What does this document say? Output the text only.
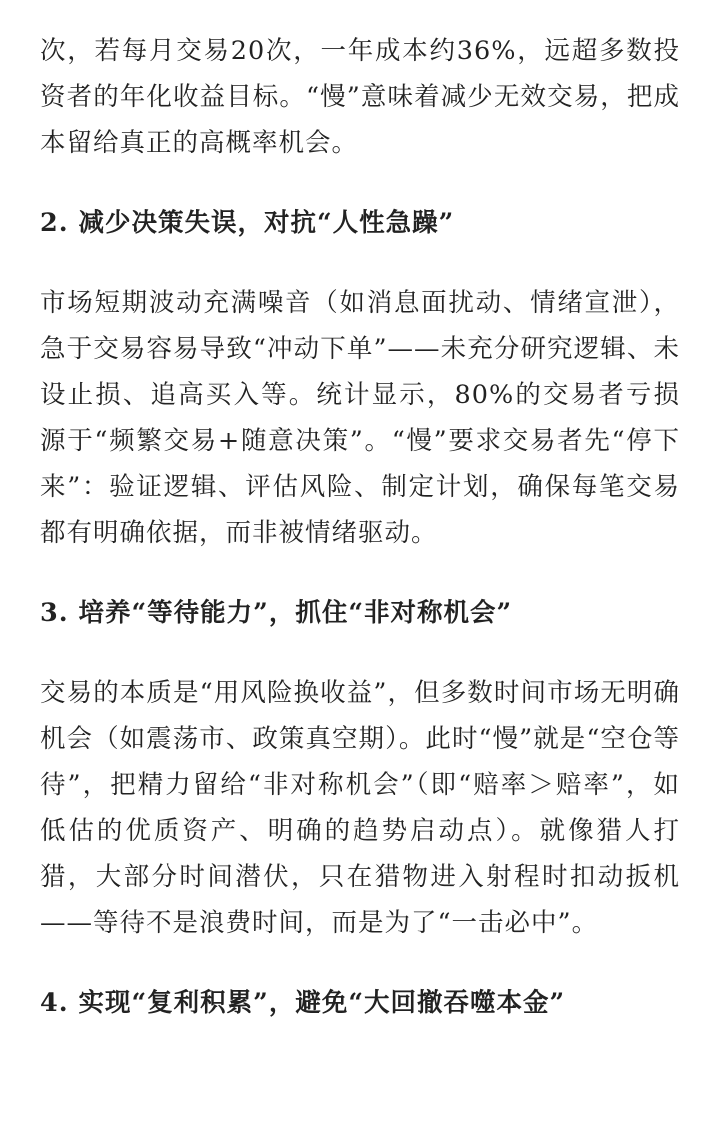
次，若每月交易20次，一年成本约36%，远超多数投资者的年化收益目标。“慢”意味着减少无效交易，把成本留给真正的高概率机会。

2. 减少决策失误，对抗“人性急躁”

市场短期波动充满噪音（如消息面扰动、情绪宣泄），急于交易容易导致“冲动下单”——未充分研究逻辑、未设止损、追高买入等。统计显示，80%的交易者亏损源于“频繁交易+随意决策”。“慢”要求交易者先“停下来”：验证逻辑、评估风险、制定计划，确保每笔交易都有明确依据，而非被情绪驱动。

3. 培养“等待能力”，抓住“非对称机会”

交易的本质是“用风险换收益”，但多数时间市场无明确机会（如震荡市、政策真空期）。此时“慢”就是“空仓等待”，把精力留给“非对称机会”（即“赔率＞赔率”，如低估的优质资产、明确的趋势启动点）。就像猎人打猎，大部分时间潜伏，只在猎物进入射程时扣动扳机——等待不是浪费时间，而是为了“一击必中”。

4. 实现“复利积累”，避免“大回撤吞噬本金”
